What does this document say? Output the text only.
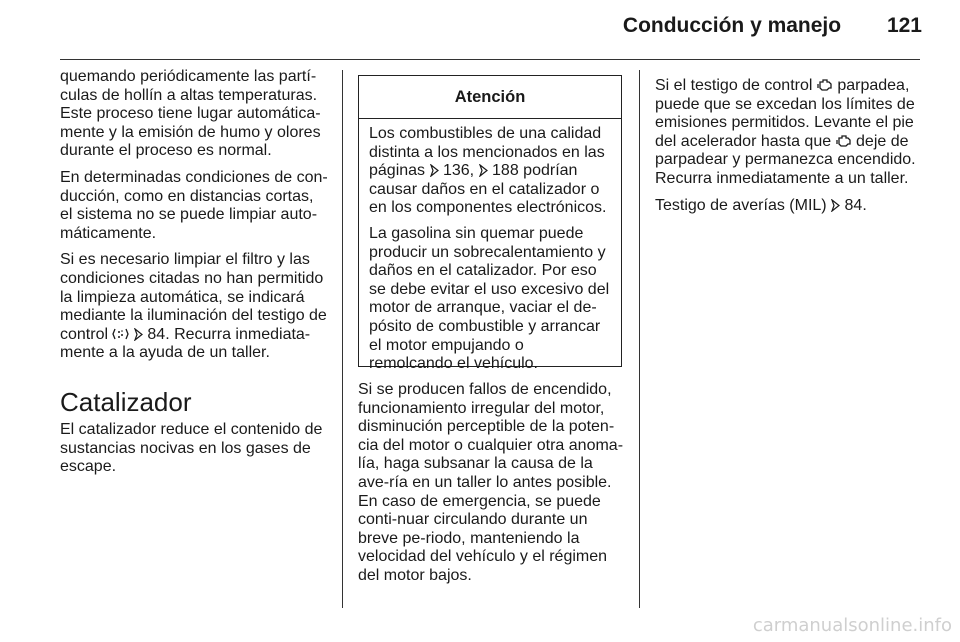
Conducción y manejo 121

quemando periódicamente las partí-culas de hollín a altas temperaturas. Este proceso tiene lugar automática-mente y la emisión de humo y olores durante el proceso es normal.

En determinadas condiciones de con-ducción, como en distancias cortas, el sistema no se puede limpiar auto-máticamente.

Si es necesario limpiar el filtro y las condiciones citadas no han permitido la limpieza automática, se indicará mediante la iluminación del testigo de control 84. Recurra inmediata-mente a la ayuda de un taller.

Catalizador

El catalizador reduce el contenido de sustancias nocivas en los gases de escape.

Atención

Los combustibles de una calidad distinta a los mencionados en las páginas 136, 188 podrían causar daños en el catalizador o en los componentes electrónicos.

La gasolina sin quemar puede producir un sobrecalentamiento y daños en el catalizador. Por eso se debe evitar el uso excesivo del motor de arranque, vaciar el de-pósito de combustible y arrancar el motor empujando o remolcando el vehículo.

Si se producen fallos de encendido, funcionamiento irregular del motor, disminución perceptible de la poten-cia del motor o cualquier otra anoma-lía, haga subsanar la causa de la ave-ría en un taller lo antes posible. En caso de emergencia, se puede conti-nuar circulando durante un breve pe-riodo, manteniendo la velocidad del vehículo y el régimen del motor bajos.

Si el testigo de control parpadea, puede que se excedan los límites de emisiones permitidos. Levante el pie del acelerador hasta que deje de parpadear y permanezca encendido. Recurra inmediatamente a un taller.

Testigo de averías (MIL) 84.

carmanualsonline.info
